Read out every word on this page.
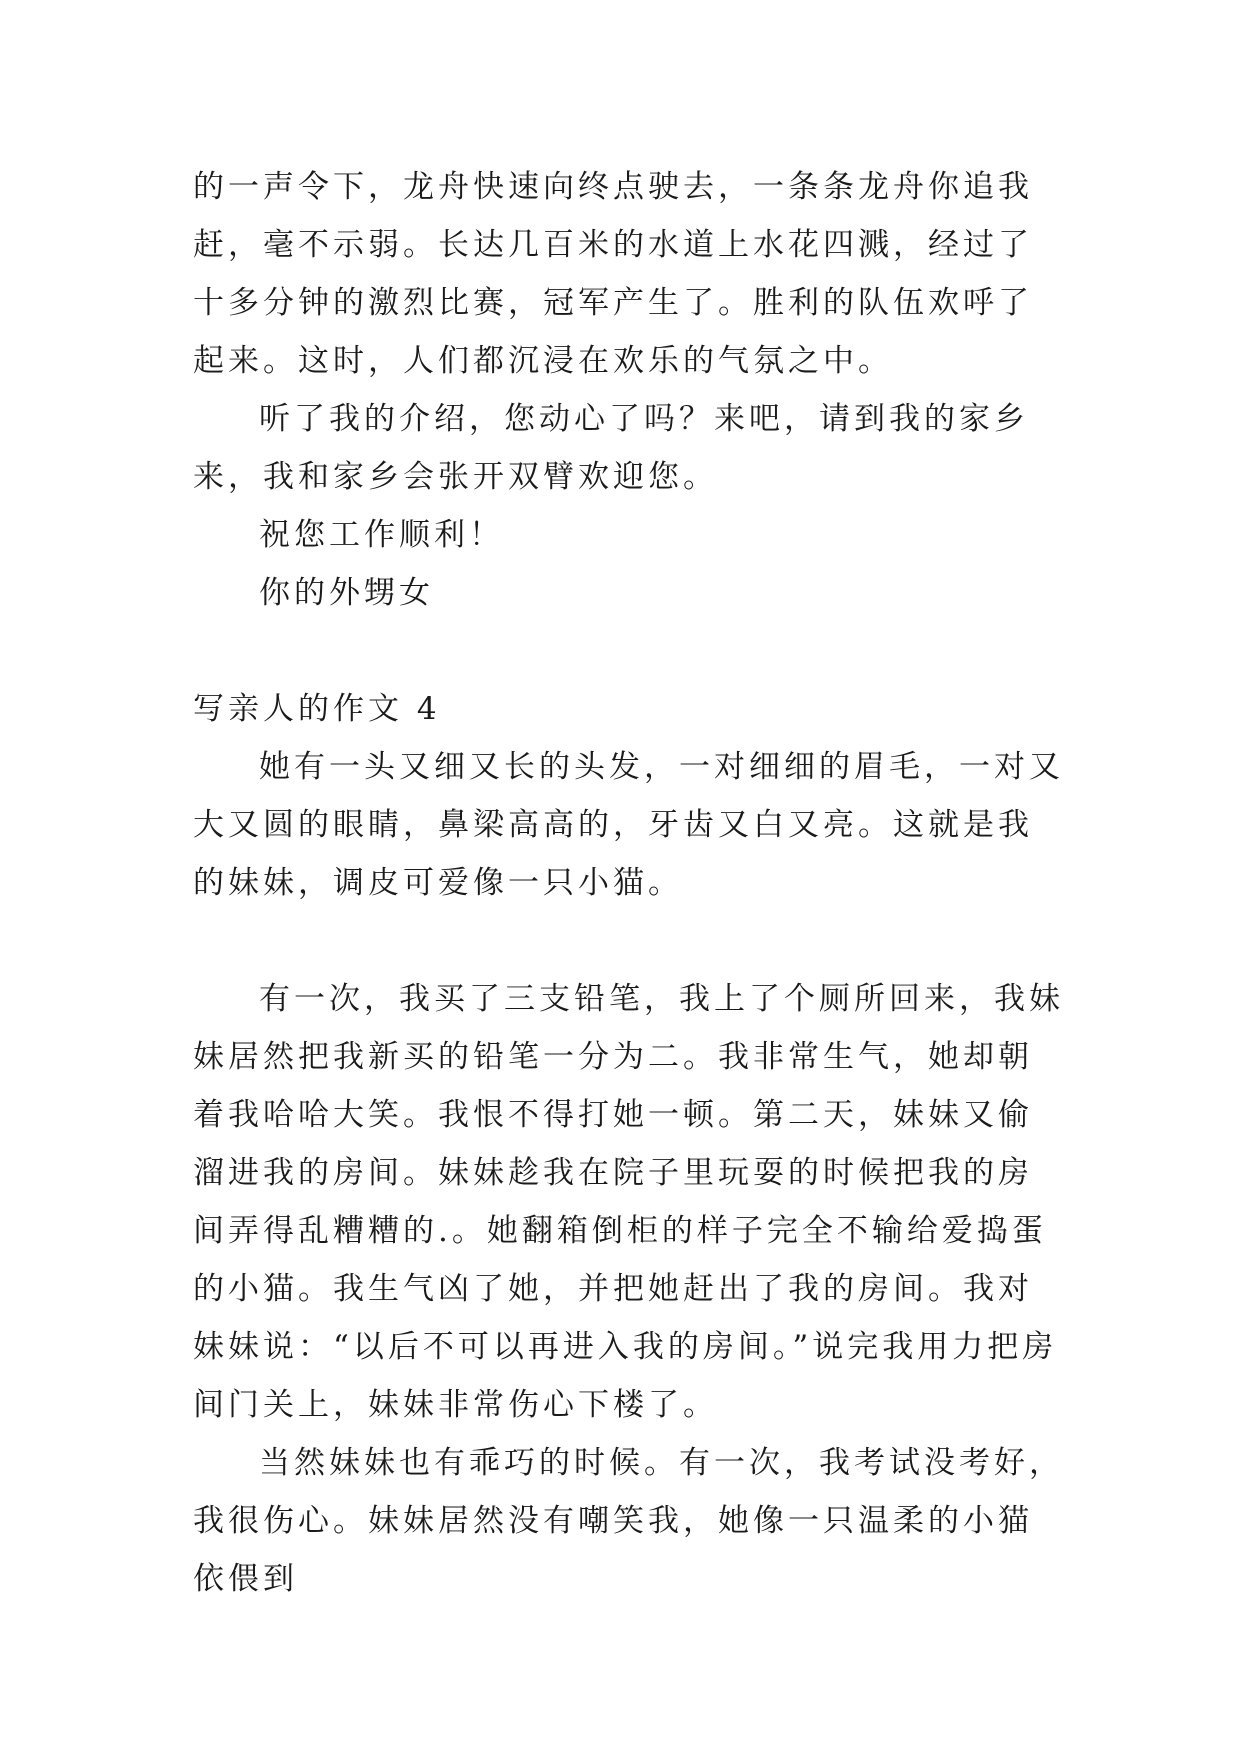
的一声令下，龙舟快速向终点驶去，一条条龙舟你追我赶，毫不示弱。长达几百米的水道上水花四溅，经过了十多分钟的激烈比赛，冠军产生了。胜利的队伍欢呼了起来。这时，人们都沉浸在欢乐的气氛之中。

听了我的介绍，您动心了吗？来吧，请到我的家乡来，我和家乡会张开双臂欢迎您。

祝您工作顺利！

你的外甥女

写亲人的作文 4

她有一头又细又长的头发，一对细细的眉毛，一对又大又圆的眼睛，鼻梁高高的，牙齿又白又亮。这就是我的妹妹，调皮可爱像一只小猫。

有一次，我买了三支铅笔，我上了个厕所回来，我妹妹居然把我新买的铅笔一分为二。我非常生气，她却朝着我哈哈大笑。我恨不得打她一顿。第二天，妹妹又偷溜进我的房间。妹妹趁我在院子里玩耍的时候把我的房间弄得乱糟糟的.。她翻箱倒柜的样子完全不输给爱捣蛋的小猫。我生气凶了她，并把她赶出了我的房间。我对妹妹说：“以后不可以再进入我的房间。”说完我用力把房间门关上，妹妹非常伤心下楼了。

当然妹妹也有乖巧的时候。有一次，我考试没考好，我很伤心。妹妹居然没有嘲笑我，她像一只温柔的小猫依偎到
